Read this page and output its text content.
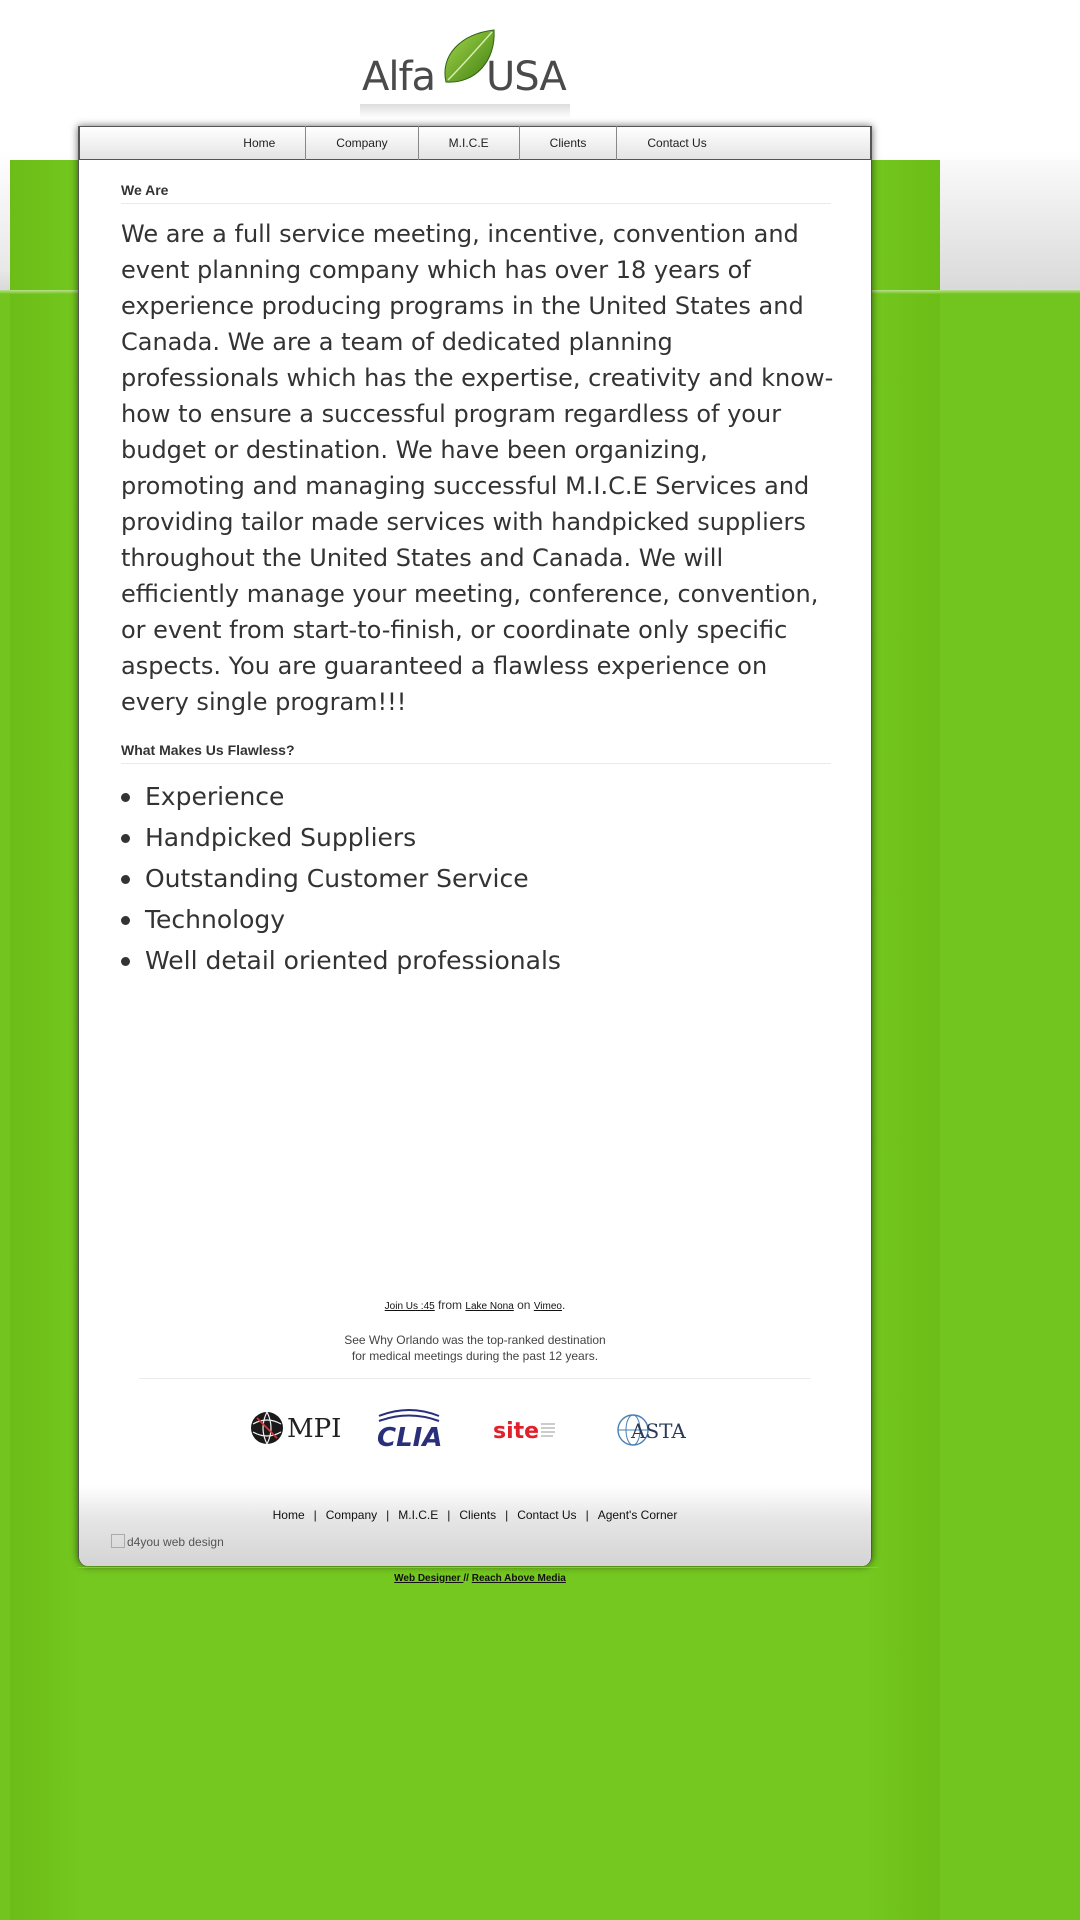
Alfa USA
Home	Company	M.I.C.E	Clients	Contact Us
We Are

We are a full service meeting, incentive, convention and event planning company which has over 18 years of experience producing programs in the United States and Canada. We are a team of dedicated planning professionals which has the expertise, creativity and know-how to ensure a successful program regardless of your budget or destination. We have been organizing, promoting and managing successful M.I.C.E Services and providing tailor made services with handpicked suppliers throughout the United States and Canada. We will efficiently manage your meeting, conference, convention, or event from start-to-finish, or coordinate only specific aspects. You are guaranteed a flawless experience on every single program!!!

What Makes Us Flawless?
Experience
Handpicked Suppliers
Outstanding Customer Service
Technology
Well detail oriented professionals
Join Us :45 from Lake Nona on Vimeo.
See Why Orlando was the top-ranked destination
for medical meetings during the past 12 years.
MPI CLIA site	ASTA
Home | Company | M.I.C.E | Clients | Contact Us | Agent's Corner
d4you web design
Web Designer // Reach Above Media
